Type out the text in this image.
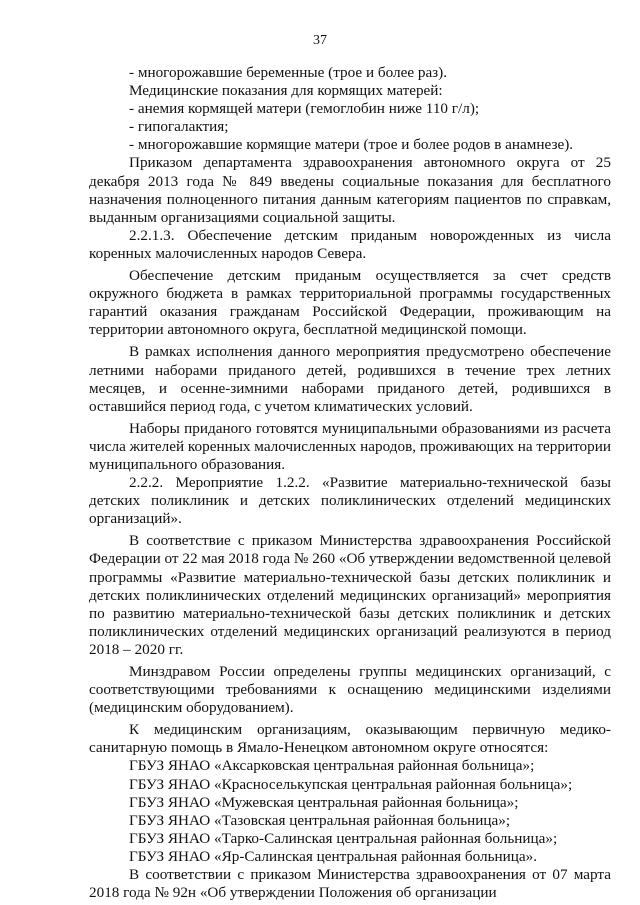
37

- многорожавшие беременные (трое и более раз).

Медицинские показания для кормящих матерей:

- анемия кормящей матери (гемоглобин ниже 110 г/л);

- гипогалактия;

- многорожавшие кормящие матери (трое и более родов в анамнезе).

Приказом департамента здравоохранения автономного округа от 25 декабря 2013 года № 849 введены социальные показания для бесплатного назначения полноценного питания данным категориям пациентов по справкам, выданным организациями социальной защиты.

2.2.1.3. Обеспечение детским приданым новорожденных из числа коренных малочисленных народов Севера.

Обеспечение детским приданым осуществляется за счет средств окружного бюджета в рамках территориальной программы государственных гарантий оказания гражданам Российской Федерации, проживающим на территории автономного округа, бесплатной медицинской помощи.

В рамках исполнения данного мероприятия предусмотрено обеспечение летними наборами приданого детей, родившихся в течение трех летних месяцев, и осенне-зимними наборами приданого детей, родившихся в оставшийся период года, с учетом климатических условий.

Наборы приданого готовятся муниципальными образованиями из расчета числа жителей коренных малочисленных народов, проживающих на территории муниципального образования.

2.2.2. Мероприятие 1.2.2. «Развитие материально-технической базы детских поликлиник и детских поликлинических отделений медицинских организаций».

В соответствие с приказом Министерства здравоохранения Российской Федерации от 22 мая 2018 года № 260 «Об утверждении ведомственной целевой программы «Развитие материально-технической базы детских поликлиник и детских поликлинических отделений медицинских организаций» мероприятия по развитию материально-технической базы детских поликлиник и детских поликлинических отделений медицинских организаций реализуются в период 2018 – 2020 гг.

Минздравом России определены группы медицинских организаций, с соответствующими требованиями к оснащению медицинскими изделиями (медицинским оборудованием).

К медицинским организациям, оказывающим первичную медико-санитарную помощь в Ямало-Ненецком автономном округе относятся:

ГБУЗ ЯНАО «Аксарковская центральная районная больница»;

ГБУЗ ЯНАО «Красноселькупская центральная районная больница»;

ГБУЗ ЯНАО «Мужевская центральная районная больница»;

ГБУЗ ЯНАО «Тазовская центральная районная больница»;

ГБУЗ ЯНАО «Тарко-Салинская центральная районная больница»;

ГБУЗ ЯНАО «Яр-Салинская центральная районная больница».

В соответствии с приказом Министерства здравоохранения от 07 марта 2018 года № 92н «Об утверждении Положения об организации
